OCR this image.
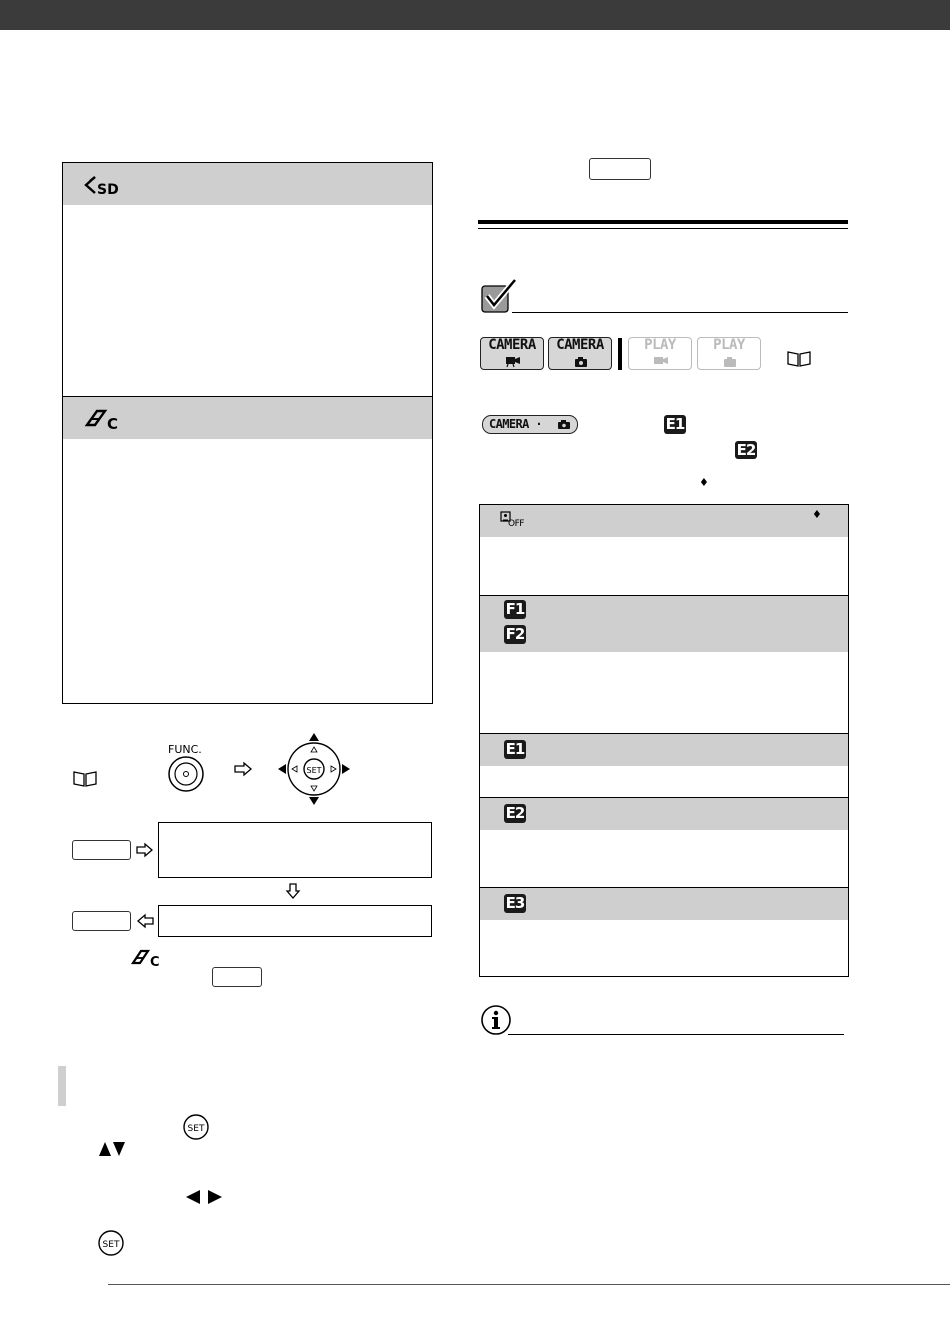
SD
C
FUNC.
SET
C
SET
SET
CAMERA	CAMERA	PLAY	PLAY
CAMERA ·	E1
E2
♦
OFF
♦
F1
F2
E1
E2
E3
